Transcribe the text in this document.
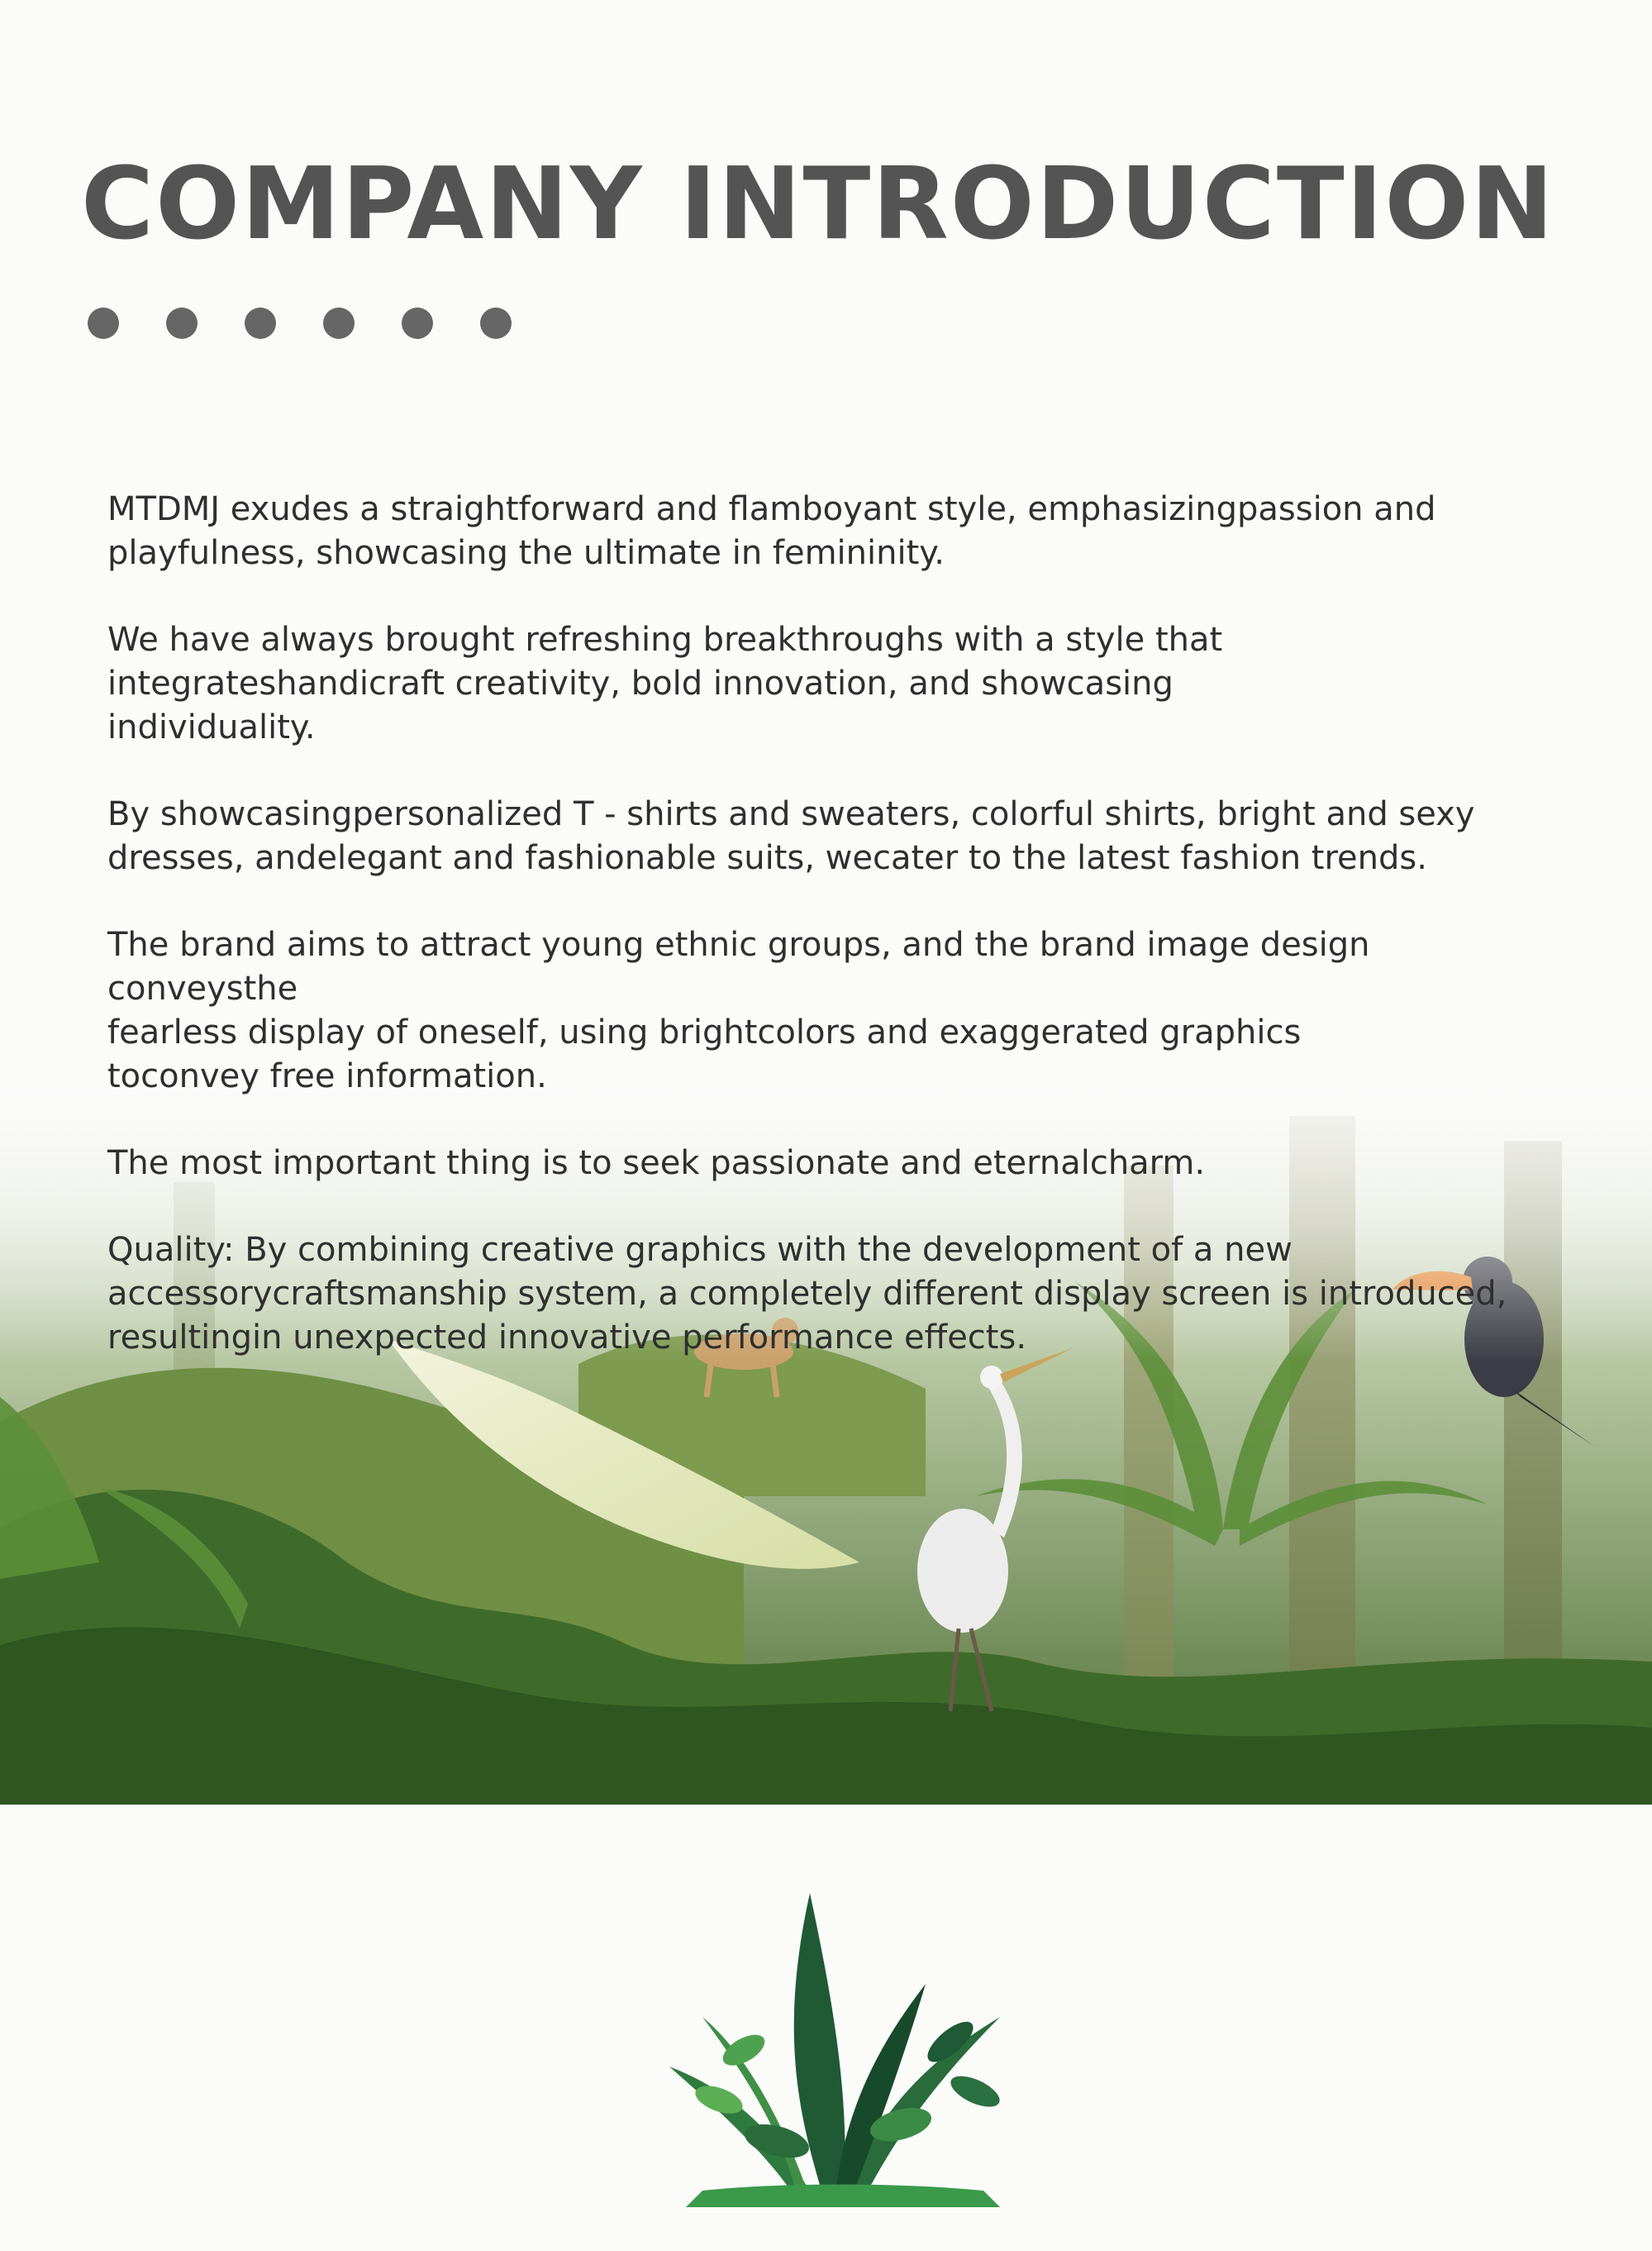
COMPANY INTRODUCTION

MTDMJ exudes a straightforward and flamboyant style, emphasizingpassion and
playfulness, showcasing the ultimate in femininity.

We have always brought refreshing breakthroughs with a style that
integrateshandicraft creativity, bold innovation, and showcasing
individuality.

By showcasingpersonalized T - shirts and sweaters, colorful shirts, bright and sexy
dresses, andelegant and fashionable suits, wecater to the latest fashion trends.

The brand aims to attract young ethnic groups, and the brand image design conveysthe
fearless display of oneself, using brightcolors and exaggerated graphics
toconvey free information.

The most important thing is to seek passionate and eternalcharm.

Quality: By combining creative graphics with the development of a new
accessorycraftsmanship system, a completely different display screen is introduced,
resultingin unexpected innovative performance effects.
